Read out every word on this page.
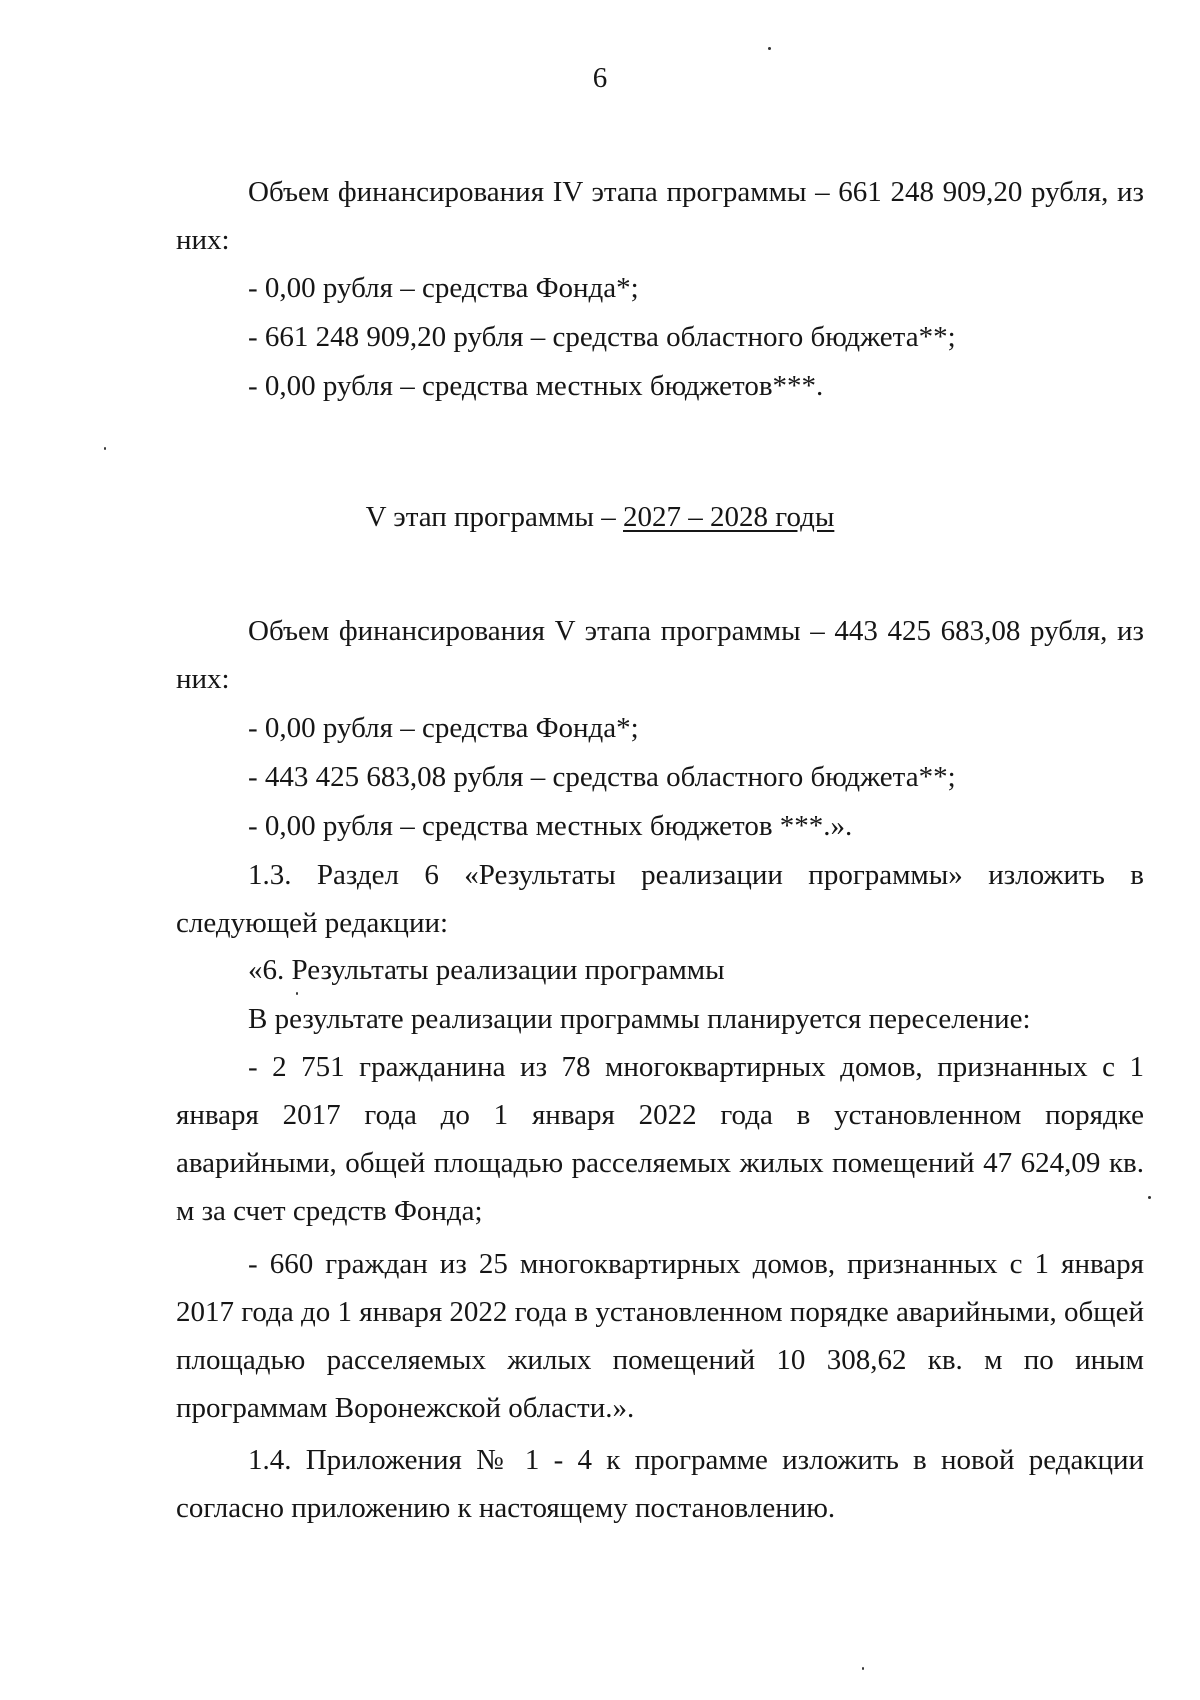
6
Объем финансирования IV этапа программы – 661 248 909,20 рубля, из них:
- 0,00 рубля – средства Фонда*;
- 661 248 909,20 рубля – средства областного бюджета**;
- 0,00 рубля – средства местных бюджетов***.
V этап программы – 2027 – 2028 годы
Объем финансирования V этапа программы – 443 425 683,08 рубля, из них:
- 0,00 рубля – средства Фонда*;
- 443 425 683,08 рубля – средства областного бюджета**;
- 0,00 рубля – средства местных бюджетов ***.».
1.3. Раздел 6 «Результаты реализации программы» изложить в следующей редакции:
«6. Результаты реализации программы
В результате реализации программы планируется переселение:
- 2 751 гражданина из 78 многоквартирных домов, признанных с 1 января 2017 года до 1 января 2022 года в установленном порядке аварийными, общей площадью расселяемых жилых помещений 47 624,09 кв. м за счет средств Фонда;
- 660 граждан из 25 многоквартирных домов, признанных с 1 января 2017 года до 1 января 2022 года в установленном порядке аварийными, общей площадью расселяемых жилых помещений 10 308,62 кв. м по иным программам Воронежской области.».
1.4. Приложения № 1 - 4 к программе изложить в новой редакции согласно приложению к настоящему постановлению.
